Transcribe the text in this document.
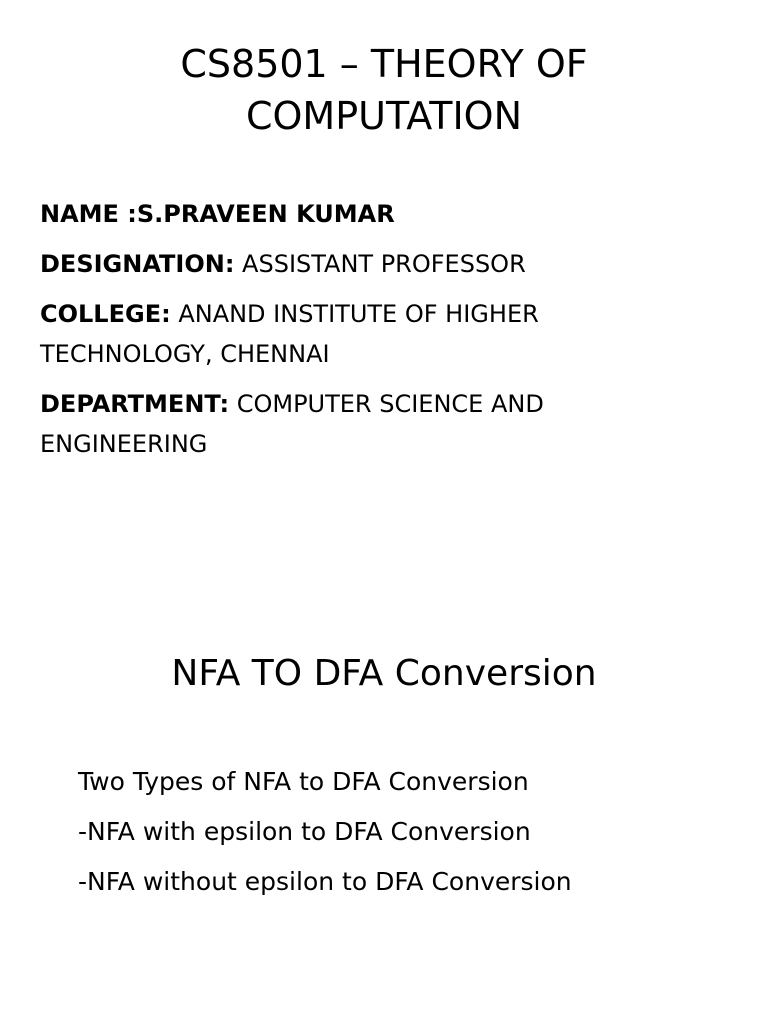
CS8501 – THEORY OF
COMPUTATION
NAME :S.PRAVEEN KUMAR
DESIGNATION: ASSISTANT PROFESSOR
COLLEGE: ANAND INSTITUTE OF HIGHER TECHNOLOGY, CHENNAI
DEPARTMENT: COMPUTER SCIENCE AND ENGINEERING
NFA TO DFA Conversion
Two Types of NFA to DFA Conversion
-NFA with epsilon to DFA Conversion
-NFA without epsilon to DFA Conversion
